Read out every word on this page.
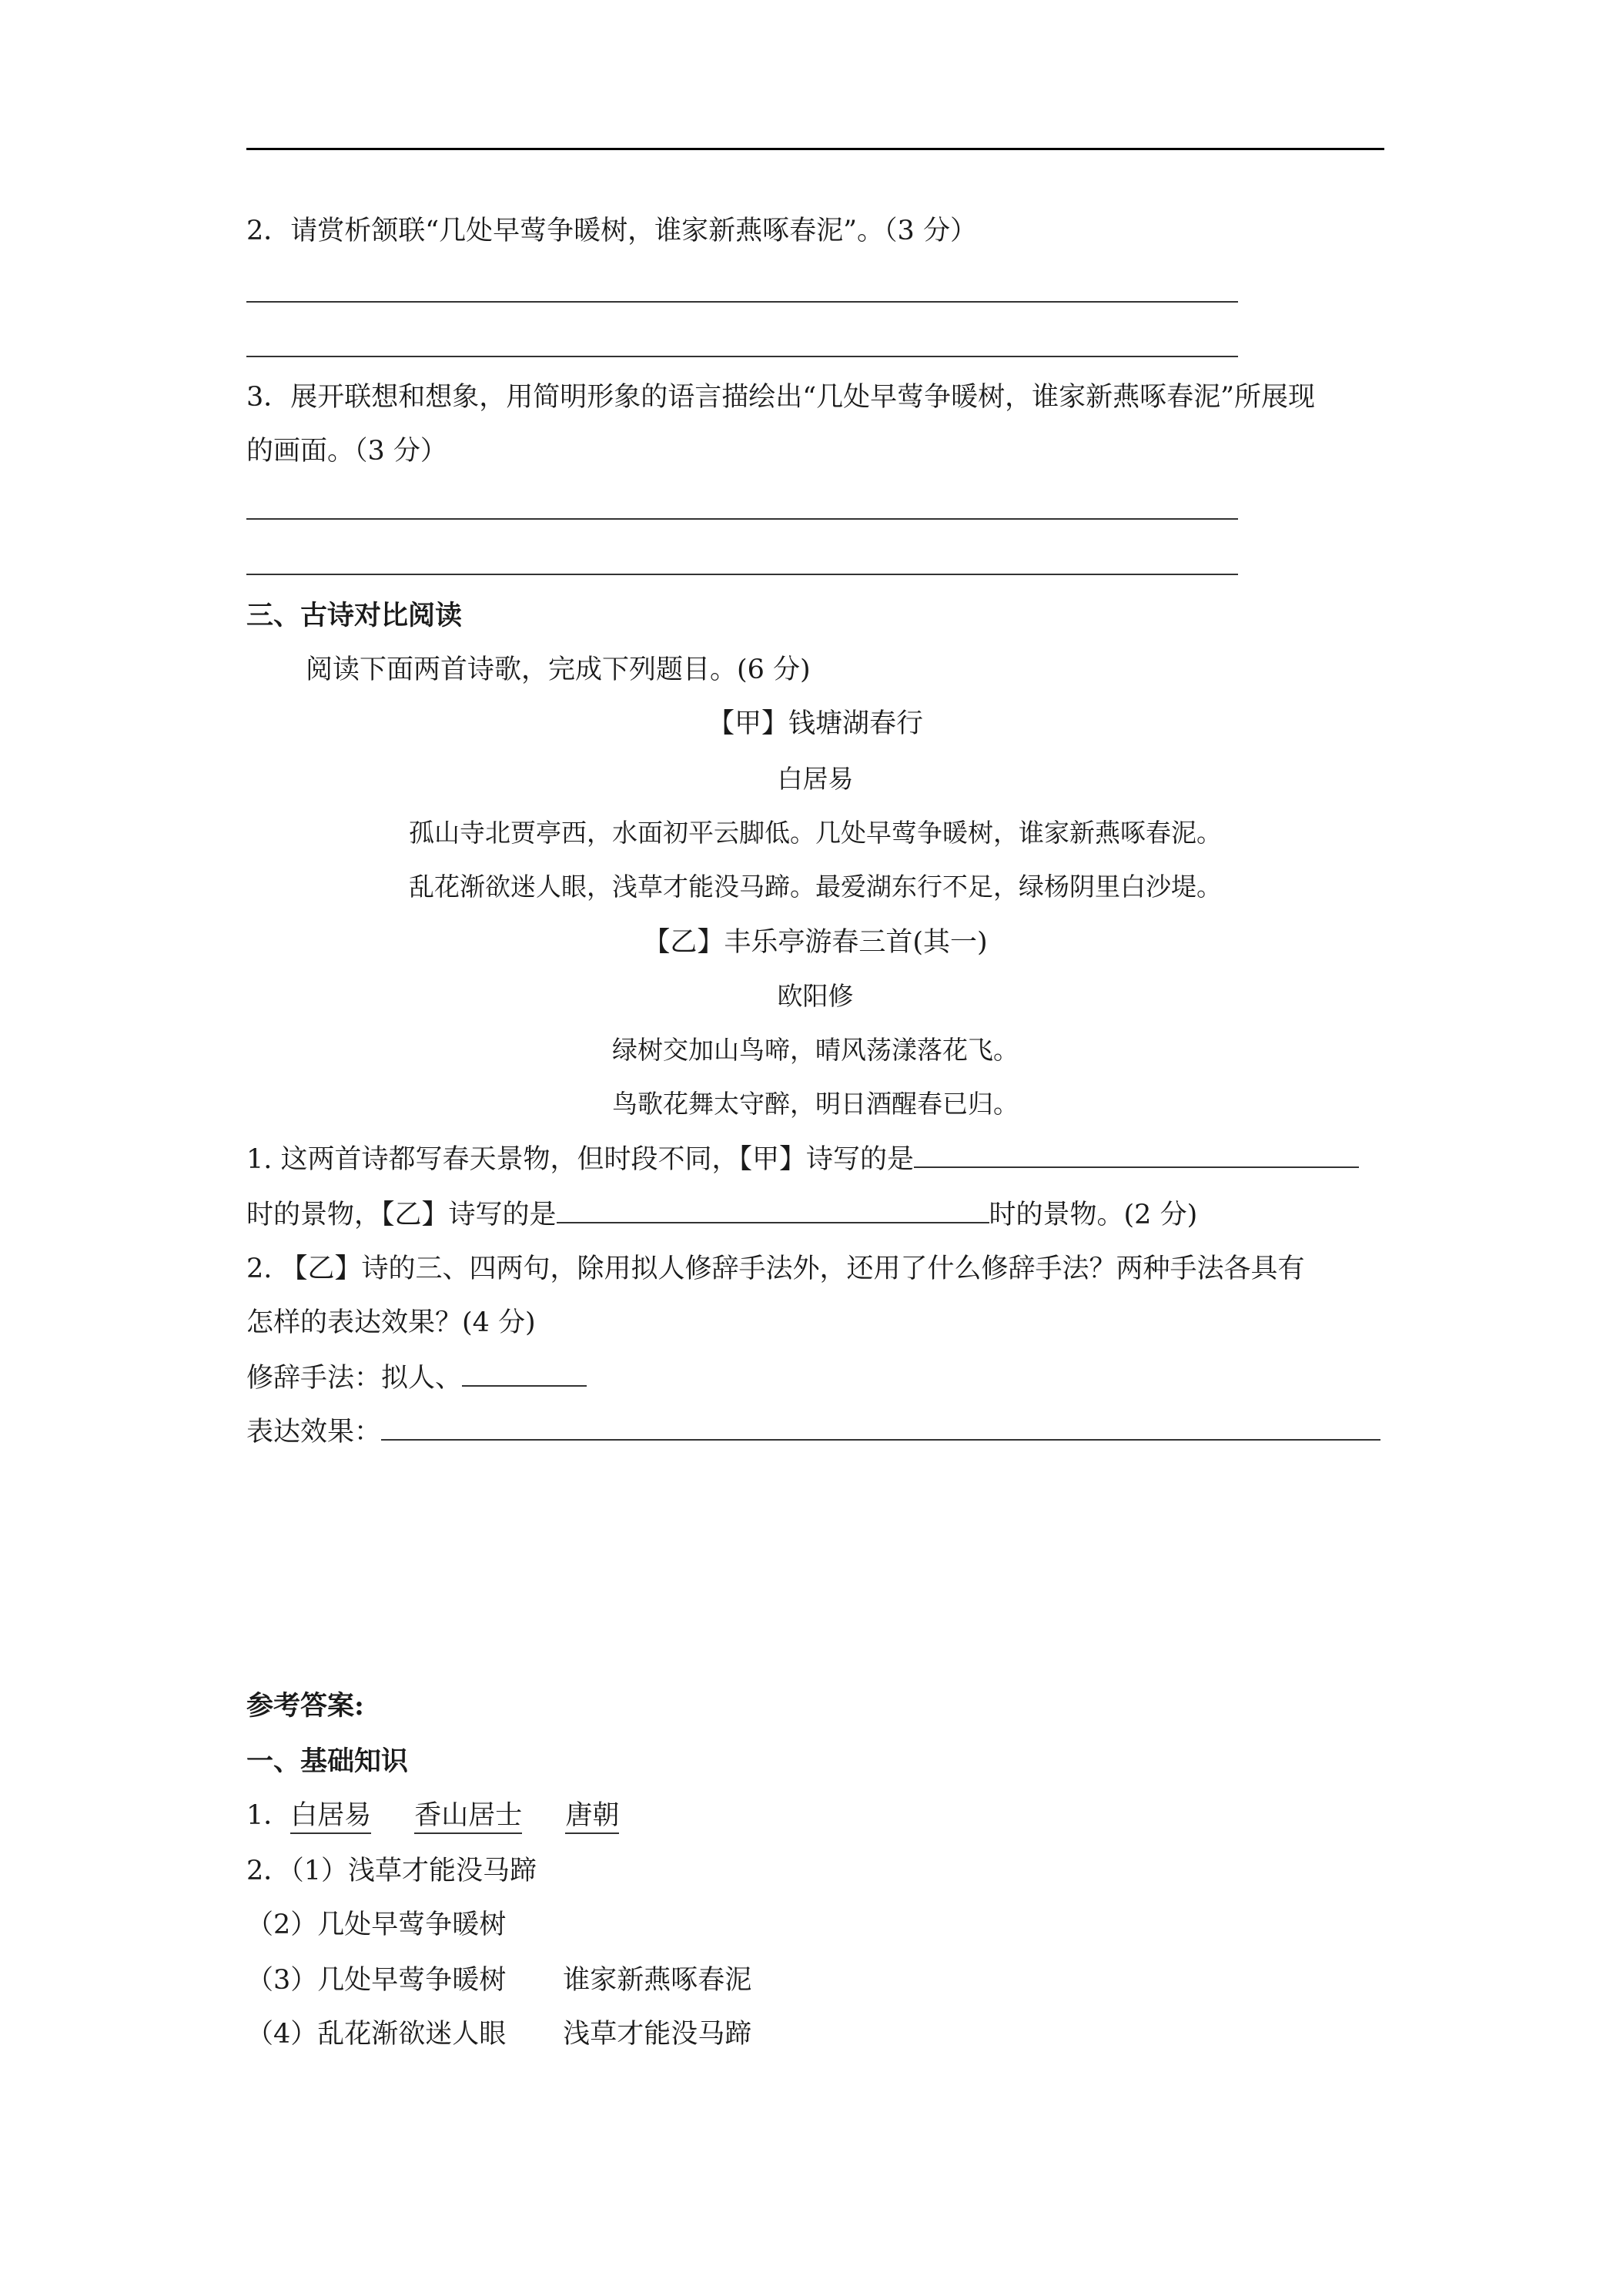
2．请赏析颔联“几处早莺争暖树，谁家新燕啄春泥”。（3 分）
3．展开联想和想象，用简明形象的语言描绘出“几处早莺争暖树，谁家新燕啄春泥”所展现
的画面。（3 分）
三、古诗对比阅读
阅读下面两首诗歌，完成下列题目。(6 分)
【甲】钱塘湖春行
白居易
孤山寺北贾亭西，水面初平云脚低。几处早莺争暖树，谁家新燕啄春泥。
乱花渐欲迷人眼，浅草才能没马蹄。最爱湖东行不足，绿杨阴里白沙堤。
【乙】丰乐亭游春三首(其一)
欧阳修
绿树交加山鸟啼，晴风荡漾落花飞。
鸟歌花舞太守醉，明日酒醒春已归。
1. 这两首诗都写春天景物，但时段不同，【甲】诗写的是
时的景物，【乙】诗写的是	时的景物。(2 分)
2. 【乙】诗的三、四两句，除用拟人修辞手法外，还用了什么修辞手法？两种手法各具有
怎样的表达效果？(4 分)
修辞手法：拟人、
表达效果：
参考答案:
一、基础知识
1．白居易 香山居士 唐朝
2．（1）浅草才能没马蹄
（2）几处早莺争暖树
（3）几处早莺争暖树 谁家新燕啄春泥
（4）乱花渐欲迷人眼 浅草才能没马蹄
